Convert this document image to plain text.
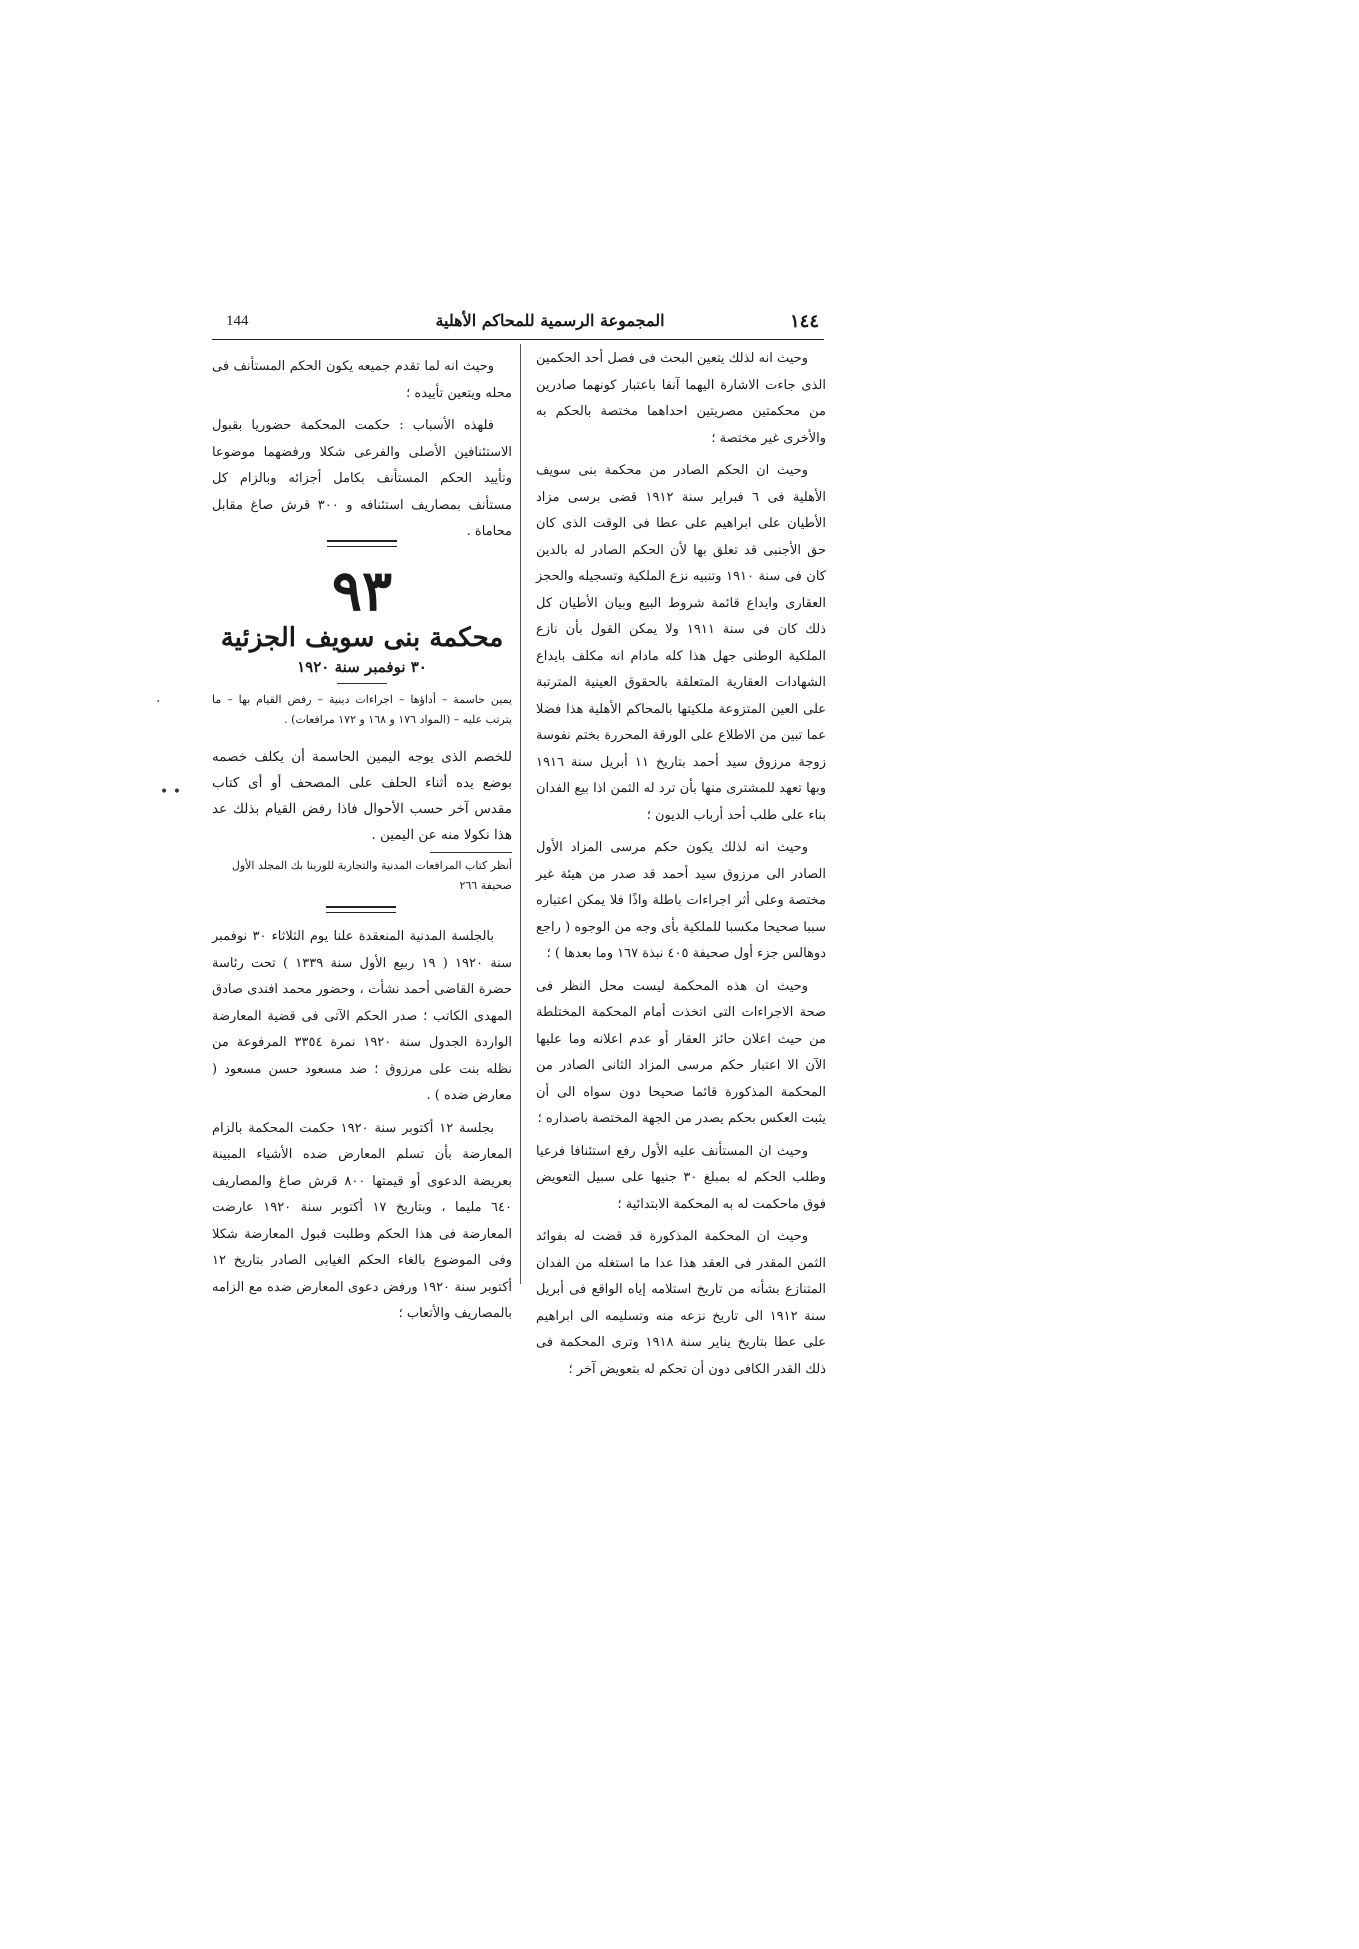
144	المجموعة الرسمية للمحاكم الأهلية	١٤٤

وحيث انه لذلك يتعين البحث فى فصل أحد الحكمين الذى جاءت الاشارة اليهما آنفا باعتبار كونهما صادرين من محكمتين مصريتين احداهما مختصة بالحكم به والأخرى غير مختصة ؛

وحيث ان الحكم الصادر من محكمة بنى سويف الأهلية فى ٦ فبراير سنة ١٩١٢ قضى برسى مزاد الأطيان على ابراهيم على عطا فى الوقت الذى كان حق الأجنبى قد تعلق بها لأن الحكم الصادر له بالدين كان فى سنة ١٩١٠ وتنبيه نزع الملكية وتسجيله والحجز العقارى وايداع قائمة شروط البيع وبيان الأطيان كل ذلك كان فى سنة ١٩١١ ولا يمكن القول بأن نازع الملكية الوطنى جهل هذا كله مادام انه مكلف بايداع الشهادات العقارية المتعلقة بالحقوق العينية المترتبة على العين المتزوعة ملكيتها بالمحاكم الأهلية هذا فضلا عما تبين من الاطلاع على الورقة المحررة بختم نفوسة زوجة مرزوق سيد أحمد بتاريخ ١١ أبريل سنة ١٩١٦ وبها تعهد للمشترى منها بأن ترد له الثمن اذا بيع الفدان بناء على طلب أحد أرباب الديون ؛

وحيث انه لذلك يكون حكم مرسى المزاد الأول الصادر الى مرزوق سيد أحمد قد صدر من هيئة غير مختصة وعلى أثر اجراءات باطلة واذًا فلا يمكن اعتباره سببا صحيحا مكسبا للملكية بأى وجه من الوجوه ( راجع دوهالس جزء أول صحيفة ٤٠٥ نبذة ١٦٧ وما بعدها ) ؛

وحيث ان هذه المحكمة ليست محل النظر فى صحة الاجراءات التى اتخذت أمام المحكمة المختلطة من حيث اعلان حائز العقار أو عدم اعلانه وما عليها الآن الا اعتبار حكم مرسى المزاد الثانى الصادر من المحكمة المذكورة قائما صحيحا دون سواه الى أن يثبت العكس بحكم يصدر من الجهة المختصة باصداره ؛

وحيث ان المستأنف عليه الأول رفع استئنافا فرعيا وطلب الحكم له بمبلغ ٣٠ جنيها على سبيل التعويض فوق ماحكمت له به المحكمة الابتدائية ؛

وحيث ان المحكمة المذكورة قد قضت له بفوائد الثمن المقدر فى العقد هذا عدا ما استغله من الفدان المتنازع بشأنه من تاريخ استلامه إياه الواقع فى أبريل سنة ١٩١٢ الى تاريخ نزعه منه وتسليمه الى ابراهيم على عطا بتاريخ يناير سنة ١٩١٨ وترى المحكمة فى ذلك القدر الكافى دون أن تحكم له بتعويض آخر ؛

وحيث انه لما تقدم جميعه يكون الحكم المستأنف فى محله ويتعين تأييده ؛

فلهذه الأسباب : حكمت المحكمة حضوريا بقبول الاستئنافين الأصلى والفرعى شكلا ورفضهما موضوعا وتأييد الحكم المستأنف بكامل أجزائه وبالزام كل مستأنف بمصاريف استئنافه و ٣٠٠ قرش صاغ مقابل محاماة .

٩٣
محكمة بنى سويف الجزئية
٣٠ نوفمبر سنة ١٩٢٠
يمين حاسمة – أداؤها – اجراءات دينية – رفض القيام بها – ما يترتب عليه – (المواد ١٧٦ و ١٦٨ و ١٧٢ مرافعات) .
للخصم الذى يوجه اليمين الحاسمة أن يكلف خصمه بوضع يده أثناء الحلف على المصحف أو أى كتاب مقدس آخر حسب الأحوال فاذا رفض القيام بذلك عد هذا نكولا منه عن اليمين .
أنظر كتاب المرافعات المدنية والتجارية للوزينا بك المجلد الأول صحيفة ٢٦٦

بالجلسة المدنية المنعقدة علنا يوم الثلاثاء ٣٠ نوفمبر سنة ١٩٢٠ ( ١٩ ربيع الأول سنة ١٣٣٩ ) تحت رئاسة حضرة القاضى أحمد نشأت ، وحضور محمد افندى صادق المهدى الكاتب ؛ صدر الحكم الآتى فى قضية المعارضة الواردة الجدول سنة ١٩٢٠ نمرة ٣٣٥٤ المرفوعة من نظله بنت على مرزوق ؛ ضد مسعود حسن مسعود ( معارض ضده ) .

بجلسة ١٢ أكتوبر سنة ١٩٢٠ حكمت المحكمة بالزام المعارضة بأن تسلم المعارض ضده الأشياء المبينة بعريضة الدعوى أو قيمتها ٨٠٠ قرش صاغ والمصاريف ٦٤٠ مليما ، وبتاريخ ١٧ أكتوبر سنة ١٩٢٠ عارضت المعارضة فى هذا الحكم وطلبت قبول المعارضة شكلا وفى الموضوع بالغاء الحكم الغيابى الصادر بتاريخ ١٢ أكتوبر سنة ١٩٢٠ ورفض دعوى المعارض ضده مع الزامه بالمصاريف والأتعاب ؛

.
• •
